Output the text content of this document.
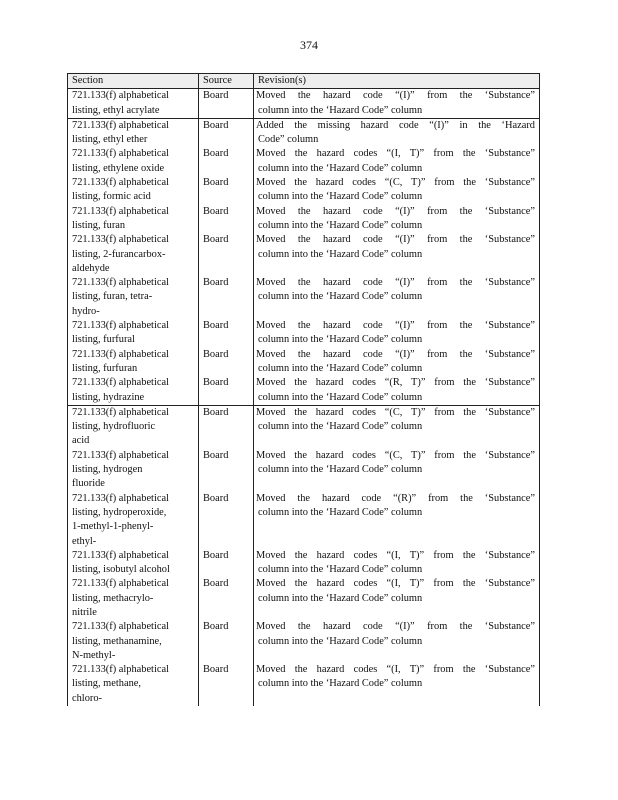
374
Section	Source	Revision(s)

721.133(f) alphabetical
listing, ethyl acrylate	Board	Moved the hazard code “(I)” from the ‘Substance”
column into the ‘Hazard Code” column

721.133(f) alphabetical
listing, ethyl ether	Board	Added the missing hazard code “(I)” in the ‘Hazard
Code” column

721.133(f) alphabetical
listing, ethylene oxide	Board	Moved the hazard codes “(I, T)” from the ‘Substance”
column into the ‘Hazard Code” column

721.133(f) alphabetical
listing, formic acid	Board	Moved the hazard codes “(C, T)” from the ‘Substance”
column into the ‘Hazard Code” column

721.133(f) alphabetical
listing, furan	Board	Moved the hazard code “(I)” from the ‘Substance”
column into the ‘Hazard Code” column

721.133(f) alphabetical
listing, 2-furancarbox-
aldehyde	Board	Moved the hazard code “(I)” from the ‘Substance”
column into the ‘Hazard Code” column

721.133(f) alphabetical
listing, furan, tetra-
hydro-	Board	Moved the hazard code “(I)” from the ‘Substance”
column into the ‘Hazard Code” column

721.133(f) alphabetical
listing, furfural	Board	Moved the hazard code “(I)” from the ‘Substance”
column into the ‘Hazard Code” column

721.133(f) alphabetical
listing, furfuran	Board	Moved the hazard code “(I)” from the ‘Substance”
column into the ‘Hazard Code” column

721.133(f) alphabetical
listing, hydrazine	Board	Moved the hazard codes “(R, T)” from the ‘Substance”
column into the ‘Hazard Code” column

721.133(f) alphabetical
listing, hydrofluoric
acid	Board	Moved the hazard codes “(C, T)” from the ‘Substance”
column into the ‘Hazard Code” column

721.133(f) alphabetical
listing, hydrogen
fluoride	Board	Moved the hazard codes “(C, T)” from the ‘Substance”
column into the ‘Hazard Code” column

721.133(f) alphabetical
listing, hydroperoxide,
1-methyl-1-phenyl-
ethyl-	Board	Moved the hazard code “(R)” from the ‘Substance”
column into the ‘Hazard Code” column

721.133(f) alphabetical
listing, isobutyl alcohol	Board	Moved the hazard codes “(I, T)” from the ‘Substance”
column into the ‘Hazard Code” column

721.133(f) alphabetical
listing, methacrylo-
nitrile	Board	Moved the hazard codes “(I, T)” from the ‘Substance”
column into the ‘Hazard Code” column

721.133(f) alphabetical
listing, methanamine,
N-methyl-	Board	Moved the hazard code “(I)” from the ‘Substance”
column into the ‘Hazard Code” column

721.133(f) alphabetical
listing, methane,
chloro-	Board	Moved the hazard codes “(I, T)” from the ‘Substance”
column into the ‘Hazard Code” column
